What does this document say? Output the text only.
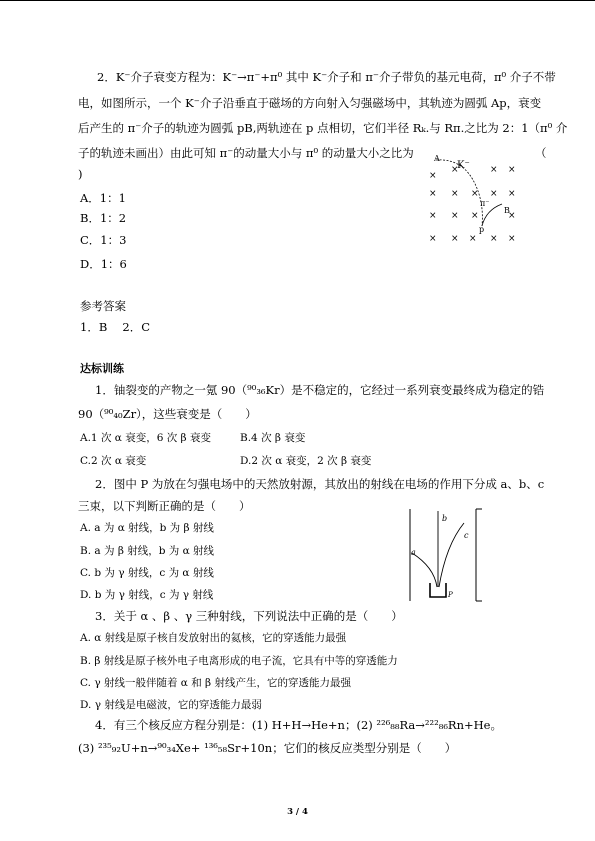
2．K⁻介子衰变方程为：K⁻→π⁻+π⁰ 其中 K⁻介子和 π⁻介子带负的基元电荷，π⁰ 介子不带
电，如图所示，一个 K⁻介子沿垂直于磁场的方向射入匀强磁场中，其轨迹为圆弧 Ap，衰变
后产生的 π⁻介子的轨迹为圆弧 pB,两轨迹在 p 点相切，它们半径 Rₖ.与 Rπ.之比为 2：1（π⁰ 介
子的轨迹未画出）由此可知 π⁻的动量大小与 π⁰ 的动量大小之比为	（
)
A．1：1
B．1：2
C．1：3
D．1：6
×
×	× ×
× × × × ×
× × ×	×
× × × × ×
A
K⁻
π⁻
B
p
参考答案
1．B　 2．C
达标训练
1．铀裂变的产物之一氪 90（⁹⁰₃₆Kr）是不稳定的，它经过一系列衰变最终成为稳定的锆
90（⁹⁰₄₀Zr），这些衰变是（　　）
A.1 次 α 衰变，6 次 β 衰变	B.4 次 β 衰变
C.2 次 α 衰变	D.2 次 α 衰变，2 次 β 衰变
2．图中 P 为放在匀强电场中的天然放射源，其放出的射线在电场的作用下分成 a、b、c
三束，以下判断正确的是（　　）
A. a 为 α 射线，b 为 β 射线
B. a 为 β 射线，b 为 α 射线
C. b 为 γ 射线，c 为 α 射线
D. b 为 γ 射线，c 为 γ 射线
b
a
c
P
3．关于 α 、β 、γ 三种射线，下列说法中正确的是（　　）
A. α 射线是原子核自发放射出的氦核，它的穿透能力最强
B. β 射线是原子核外电子电离形成的电子流，它具有中等的穿透能力
C. γ 射线一般伴随着 α 和 β 射线产生，它的穿透能力最强
D. γ 射线是电磁波，它的穿透能力最弱
4．有三个核反应方程分别是：(1) H+H→He+n；(2) ²²⁶₈₈Ra→²²²₈₆Rn+He。
(3) ²³⁵₉₂U+n→⁹⁰₃₄Xe+ ¹³⁶₅₈Sr+10n；它们的核反应类型分别是（　　）
3 / 4
